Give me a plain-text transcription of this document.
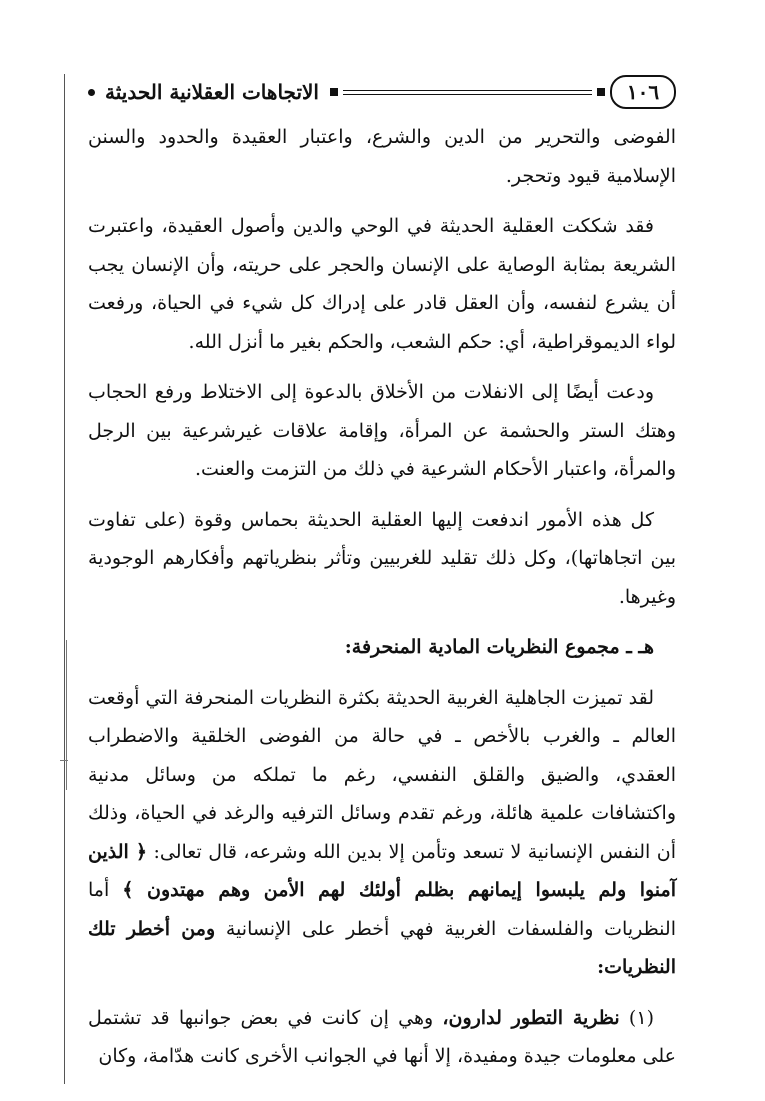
١٠٦
الاتجاهات العقلانية الحديثة

الفوضى والتحرير من الدين والشرع، واعتبار العقيدة والحدود والسنن الإسلامية قيود وتحجر.

فقد شككت العقلية الحديثة في الوحي والدين وأصول العقيدة، واعتبرت الشريعة بمثابة الوصاية على الإنسان والحجر على حريته، وأن الإنسان يجب أن يشرع لنفسه، وأن العقل قادر على إدراك كل شيء في الحياة، ورفعت لواء الديموقراطية، أي: حكم الشعب، والحكم بغير ما أنزل الله.

ودعت أيضًا إلى الانفلات من الأخلاق بالدعوة إلى الاختلاط ورفع الحجاب وهتك الستر والحشمة عن المرأة، وإقامة علاقات غيرشرعية بين الرجل والمرأة، واعتبار الأحكام الشرعية في ذلك من التزمت والعنت.

كل هذه الأمور اندفعت إليها العقلية الحديثة بحماس وقوة (على تفاوت بين اتجاهاتها)، وكل ذلك تقليد للغربيين وتأثر بنظرياتهم وأفكارهم الوجودية وغيرها.

هـ ـ مجموع النظريات المادية المنحرفة:

لقد تميزت الجاهلية الغربية الحديثة بكثرة النظريات المنحرفة التي أوقعت العالم ـ والغرب بالأخص ـ في حالة من الفوضى الخلقية والاضطراب العقدي، والضيق والقلق النفسي، رغم ما تملكه من وسائل مدنية واكتشافات علمية هائلة، ورغم تقدم وسائل الترفيه والرغد في الحياة، وذلك أن النفس الإنسانية لا تسعد وتأمن إلا بدين الله وشرعه، قال تعالى: ﴿ الذين آمنوا ولم يلبسوا إيمانهم بظلم أولئك لهم الأمن وهم مهتدون ﴾ أما النظريات والفلسفات الغربية فهي أخطر على الإنسانية ومن أخطر تلك النظريات:

(١) نظرية التطور لدارون، وهي إن كانت في بعض جوانبها قد تشتمل على معلومات جيدة ومفيدة، إلا أنها في الجوانب الأخرى كانت هدّامة، وكان
